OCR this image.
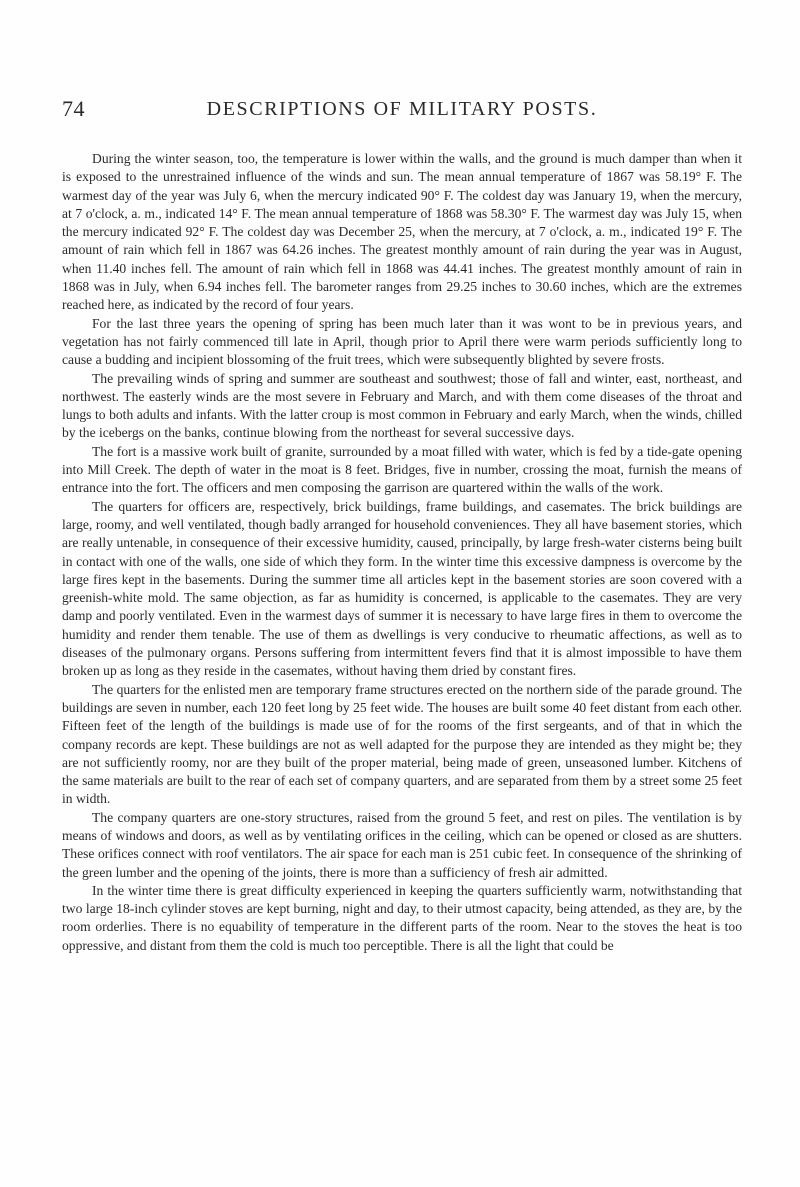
74	DESCRIPTIONS OF MILITARY POSTS.

During the winter season, too, the temperature is lower within the walls, and the ground is much damper than when it is exposed to the unrestrained influence of the winds and sun. The mean annual temperature of 1867 was 58.19° F. The warmest day of the year was July 6, when the mercury indicated 90° F. The coldest day was January 19, when the mercury, at 7 o'clock, a. m., indicated 14° F. The mean annual temperature of 1868 was 58.30° F. The warmest day was July 15, when the mercury indicated 92° F. The coldest day was December 25, when the mercury, at 7 o'clock, a. m., indicated 19° F. The amount of rain which fell in 1867 was 64.26 inches. The greatest monthly amount of rain during the year was in August, when 11.40 inches fell. The amount of rain which fell in 1868 was 44.41 inches. The greatest monthly amount of rain in 1868 was in July, when 6.94 inches fell. The barometer ranges from 29.25 inches to 30.60 inches, which are the extremes reached here, as indicated by the record of four years.

For the last three years the opening of spring has been much later than it was wont to be in previous years, and vegetation has not fairly commenced till late in April, though prior to April there were warm periods sufficiently long to cause a budding and incipient blossoming of the fruit trees, which were subsequently blighted by severe frosts.

The prevailing winds of spring and summer are southeast and southwest; those of fall and winter, east, northeast, and northwest. The easterly winds are the most severe in February and March, and with them come diseases of the throat and lungs to both adults and infants. With the latter croup is most common in February and early March, when the winds, chilled by the icebergs on the banks, continue blowing from the northeast for several successive days.

The fort is a massive work built of granite, surrounded by a moat filled with water, which is fed by a tide-gate opening into Mill Creek. The depth of water in the moat is 8 feet. Bridges, five in number, crossing the moat, furnish the means of entrance into the fort. The officers and men composing the garrison are quartered within the walls of the work.

The quarters for officers are, respectively, brick buildings, frame buildings, and casemates. The brick buildings are large, roomy, and well ventilated, though badly arranged for household conveniences. They all have basement stories, which are really untenable, in consequence of their excessive humidity, caused, principally, by large fresh-water cisterns being built in contact with one of the walls, one side of which they form. In the winter time this excessive dampness is overcome by the large fires kept in the basements. During the summer time all articles kept in the basement stories are soon covered with a greenish-white mold. The same objection, as far as humidity is concerned, is applicable to the casemates. They are very damp and poorly ventilated. Even in the warmest days of summer it is necessary to have large fires in them to overcome the humidity and render them tenable. The use of them as dwellings is very conducive to rheumatic affections, as well as to diseases of the pulmonary organs. Persons suffering from intermittent fevers find that it is almost impossible to have them broken up as long as they reside in the casemates, without having them dried by constant fires.

The quarters for the enlisted men are temporary frame structures erected on the northern side of the parade ground. The buildings are seven in number, each 120 feet long by 25 feet wide. The houses are built some 40 feet distant from each other. Fifteen feet of the length of the buildings is made use of for the rooms of the first sergeants, and of that in which the company records are kept. These buildings are not as well adapted for the purpose they are intended as they might be; they are not sufficiently roomy, nor are they built of the proper material, being made of green, unseasoned lumber. Kitchens of the same materials are built to the rear of each set of company quarters, and are separated from them by a street some 25 feet in width.

The company quarters are one-story structures, raised from the ground 5 feet, and rest on piles. The ventilation is by means of windows and doors, as well as by ventilating orifices in the ceiling, which can be opened or closed as are shutters. These orifices connect with roof ventilators. The air space for each man is 251 cubic feet. In consequence of the shrinking of the green lumber and the opening of the joints, there is more than a sufficiency of fresh air admitted.

In the winter time there is great difficulty experienced in keeping the quarters sufficiently warm, notwithstanding that two large 18-inch cylinder stoves are kept burning, night and day, to their utmost capacity, being attended, as they are, by the room orderlies. There is no equability of temperature in the different parts of the room. Near to the stoves the heat is too oppressive, and distant from them the cold is much too perceptible. There is all the light that could be
